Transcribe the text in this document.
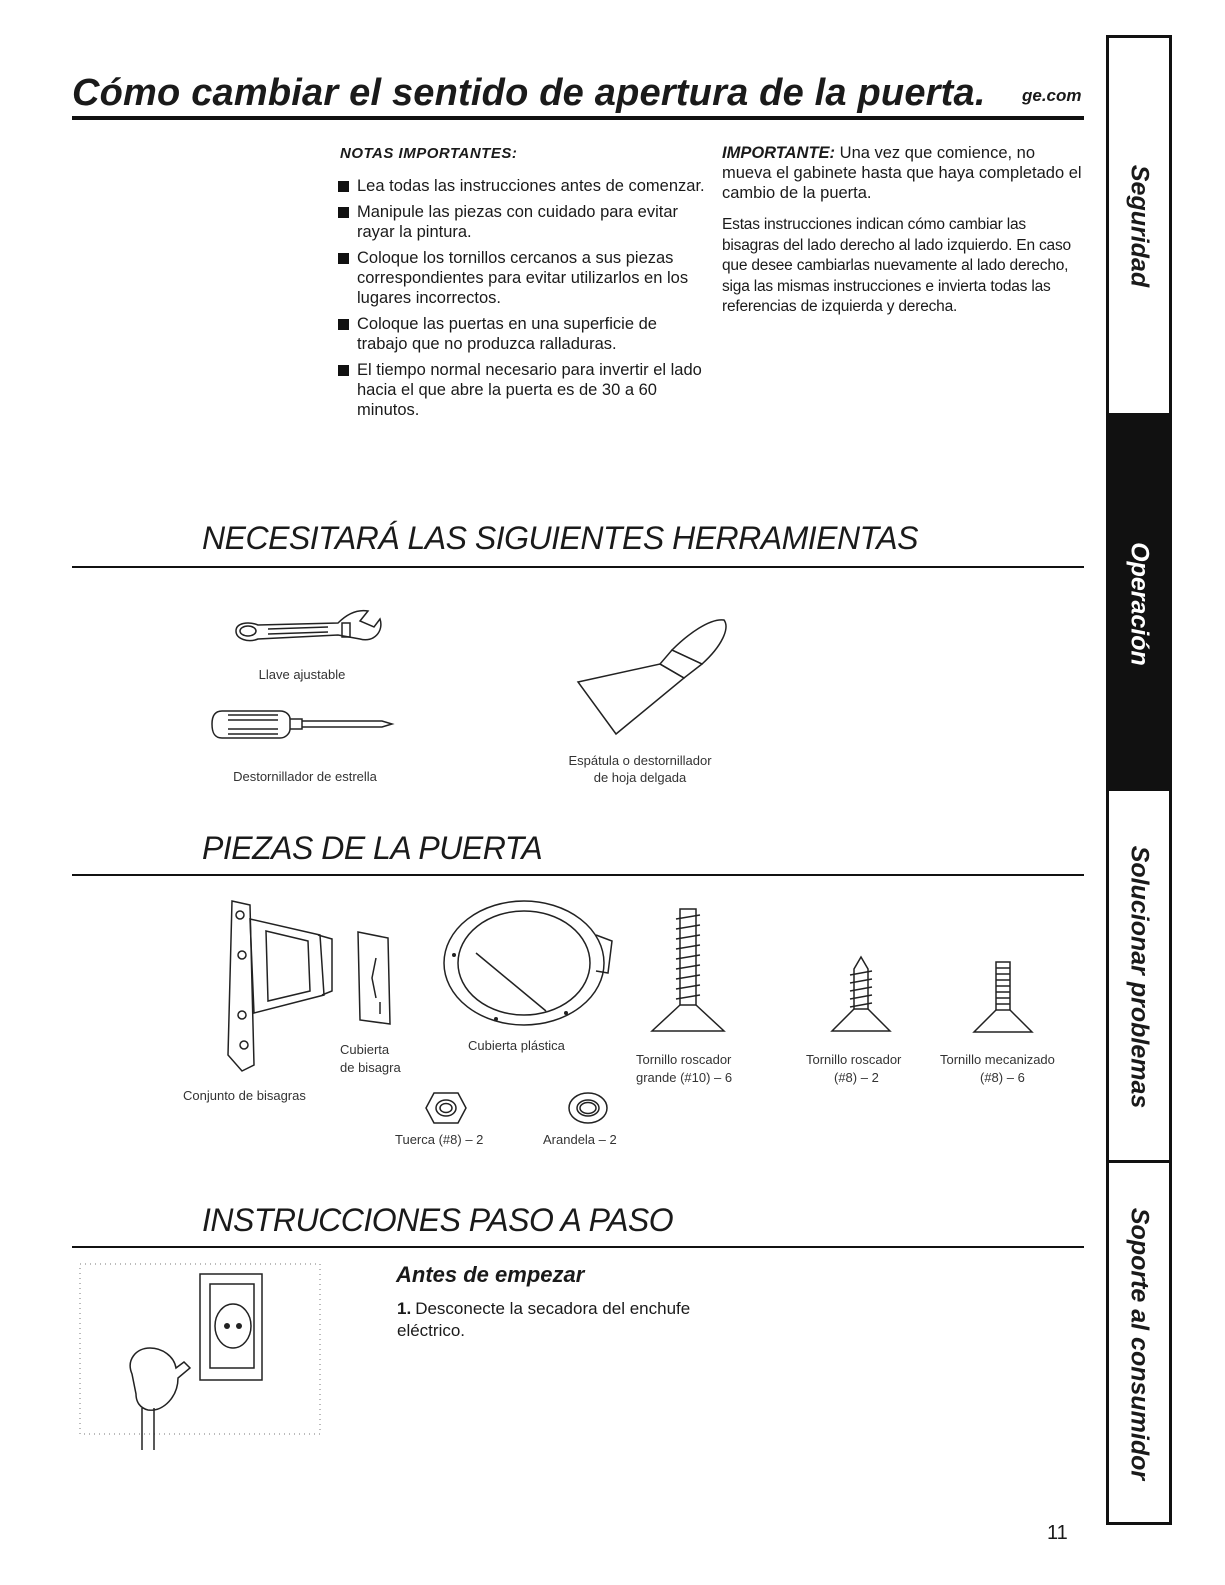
Cómo cambiar el sentido de apertura de la puerta. ge.com
NOTAS IMPORTANTES:
Lea todas las instrucciones antes de comenzar.
Manipule las piezas con cuidado para evitar rayar la pintura.
Coloque los tornillos cercanos a sus piezas correspondientes para evitar utilizarlos en los lugares incorrectos.
Coloque las puertas en una superficie de trabajo que no produzca ralladuras.
El tiempo normal necesario para invertir el lado hacia el que abre la puerta es de 30 a 60 minutos.
IMPORTANTE: Una vez que comience, no mueva el gabinete hasta que haya completado el cambio de la puerta.
Estas instrucciones indican cómo cambiar las bisagras del lado derecho al lado izquierdo. En caso que desee cambiarlas nuevamente al lado derecho, siga las mismas instrucciones e invierta todas las referencias de izquierda y derecha.
NECESITARÁ LAS SIGUIENTES HERRAMIENTAS
Llave ajustable
Destornillador de estrella
Espátula o destornillador
de hoja delgada
PIEZAS DE LA PUERTA
Conjunto de bisagras
Cubierta
de bisagra
Cubierta plástica
Tornillo roscador
grande (#10) – 6
Tornillo roscador
(#8) – 2
Tornillo mecanizado
(#8) – 6
Tuerca (#8) – 2	Arandela – 2
INSTRUCCIONES PASO A PASO
Antes de empezar
1. Desconecte la secadora del enchufe eléctrico.
11
Seguridad
Operación
Solucionar problemas
Soporte al consumidor
